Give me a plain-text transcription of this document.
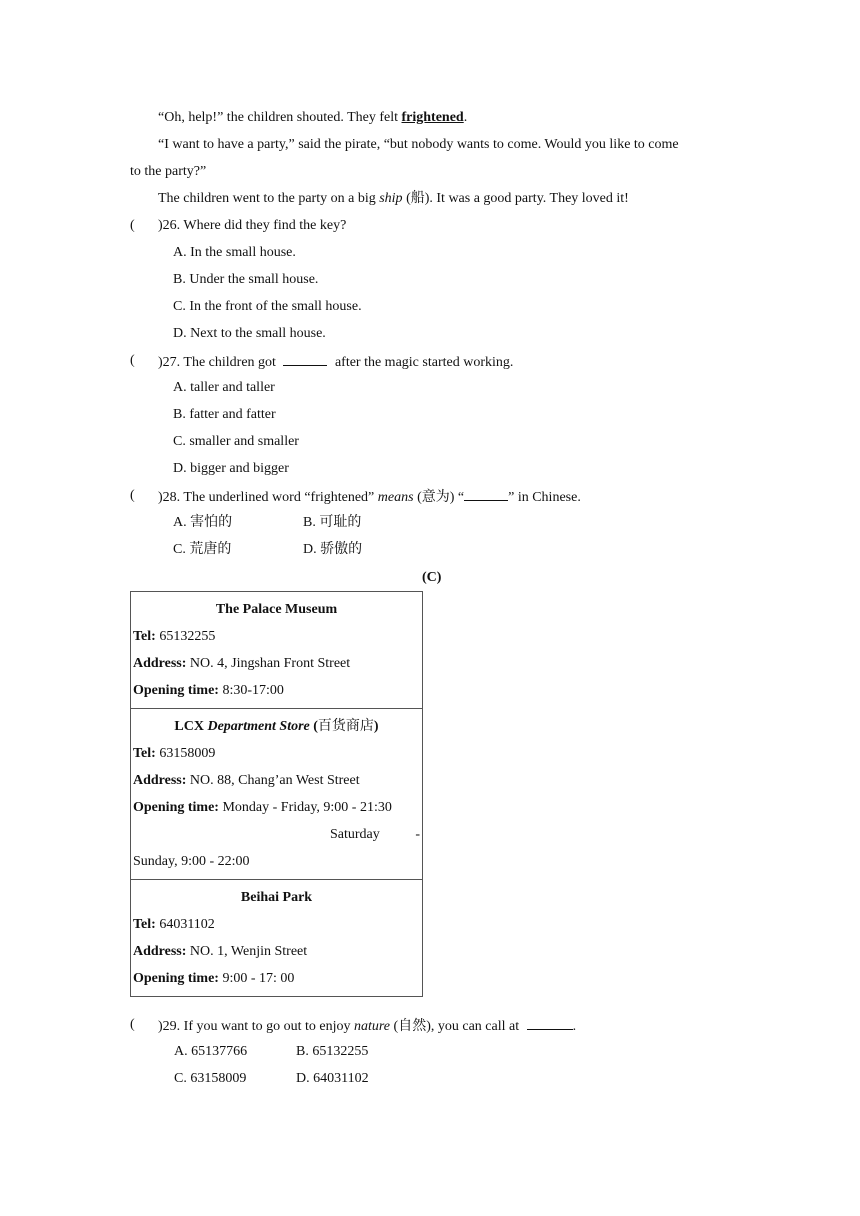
“Oh, help!” the children shouted. They felt frightened.
“I want to have a party,” said the pirate, “but nobody wants to come. Would you like to come
to the party?”
The children went to the party on a big ship (船). It was a good party. They loved it!
( )26. Where did they find the key?
A. In the small house.
B. Under the small house.
C. In the front of the small house.
D. Next to the small house.
( )27. The children got	after the magic started working.
A. taller and taller
B. fatter and fatter
C. smaller and smaller
D. bigger and bigger
( )28. The underlined word “frightened” means (意为) “	” in Chinese.
A. 害怕的	B. 可耻的
C. 荒唐的	D. 骄傲的
(C)
The Palace Museum
Tel: 65132255
Address: NO. 4, Jingshan Front Street
Opening time: 8:30-17:00

LCX Department Store (百货商店)
Tel: 63158009
Address: NO. 88, Chang’an West Street
Opening time: Monday - Friday, 9:00 - 21:30
Saturday	-
Sunday, 9:00 - 22:00

Beihai Park
Tel: 64031102
Address: NO. 1, Wenjin Street
Opening time: 9:00 - 17: 00
( )29. If you want to go out to enjoy nature (自然), you can call at	.
A. 65137766	B. 65132255
C. 63158009	D. 64031102
